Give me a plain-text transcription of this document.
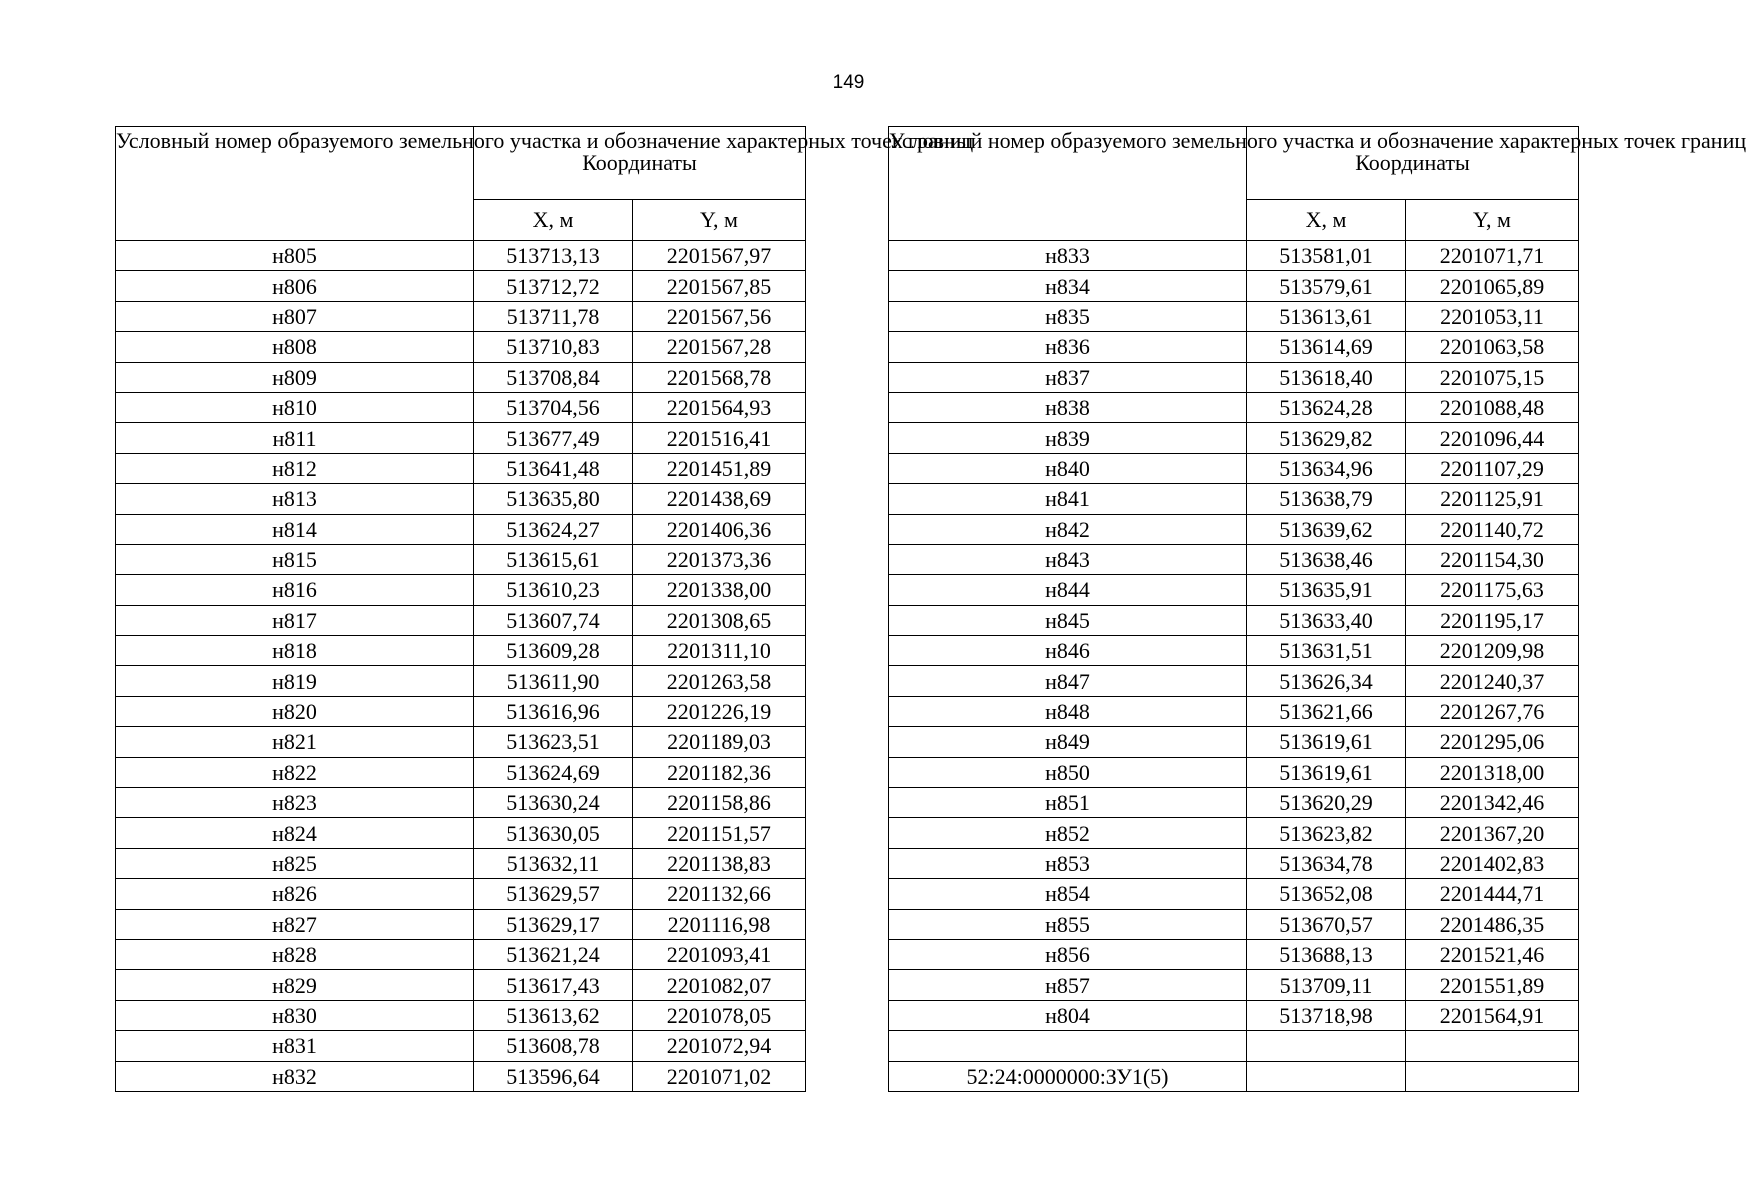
149
Условный номер образуемого земельного участка и обозначение характерных точек границ	Координаты	
	X, м	Y, м
н805	513713,13	2201567,97
н806	513712,72	2201567,85
н807	513711,78	2201567,56
н808	513710,83	2201567,28
н809	513708,84	2201568,78
н810	513704,56	2201564,93
н811	513677,49	2201516,41
н812	513641,48	2201451,89
н813	513635,80	2201438,69
н814	513624,27	2201406,36
н815	513615,61	2201373,36
н816	513610,23	2201338,00
н817	513607,74	2201308,65
н818	513609,28	2201311,10
н819	513611,90	2201263,58
н820	513616,96	2201226,19
н821	513623,51	2201189,03
н822	513624,69	2201182,36
н823	513630,24	2201158,86
н824	513630,05	2201151,57
н825	513632,11	2201138,83
н826	513629,57	2201132,66
н827	513629,17	2201116,98
н828	513621,24	2201093,41
н829	513617,43	2201082,07
н830	513613,62	2201078,05
н831	513608,78	2201072,94
н832	513596,64	2201071,02
Условный номер образуемого земельного участка и обозначение характерных точек границ	Координаты	
	X, м	Y, м
н833	513581,01	2201071,71
н834	513579,61	2201065,89
н835	513613,61	2201053,11
н836	513614,69	2201063,58
н837	513618,40	2201075,15
н838	513624,28	2201088,48
н839	513629,82	2201096,44
н840	513634,96	2201107,29
н841	513638,79	2201125,91
н842	513639,62	2201140,72
н843	513638,46	2201154,30
н844	513635,91	2201175,63
н845	513633,40	2201195,17
н846	513631,51	2201209,98
н847	513626,34	2201240,37
н848	513621,66	2201267,76
н849	513619,61	2201295,06
н850	513619,61	2201318,00
н851	513620,29	2201342,46
н852	513623,82	2201367,20
н853	513634,78	2201402,83
н854	513652,08	2201444,71
н855	513670,57	2201486,35
н856	513688,13	2201521,46
н857	513709,11	2201551,89
н804	513718,98	2201564,91

52:24:0000000:ЗУ1(5)		
